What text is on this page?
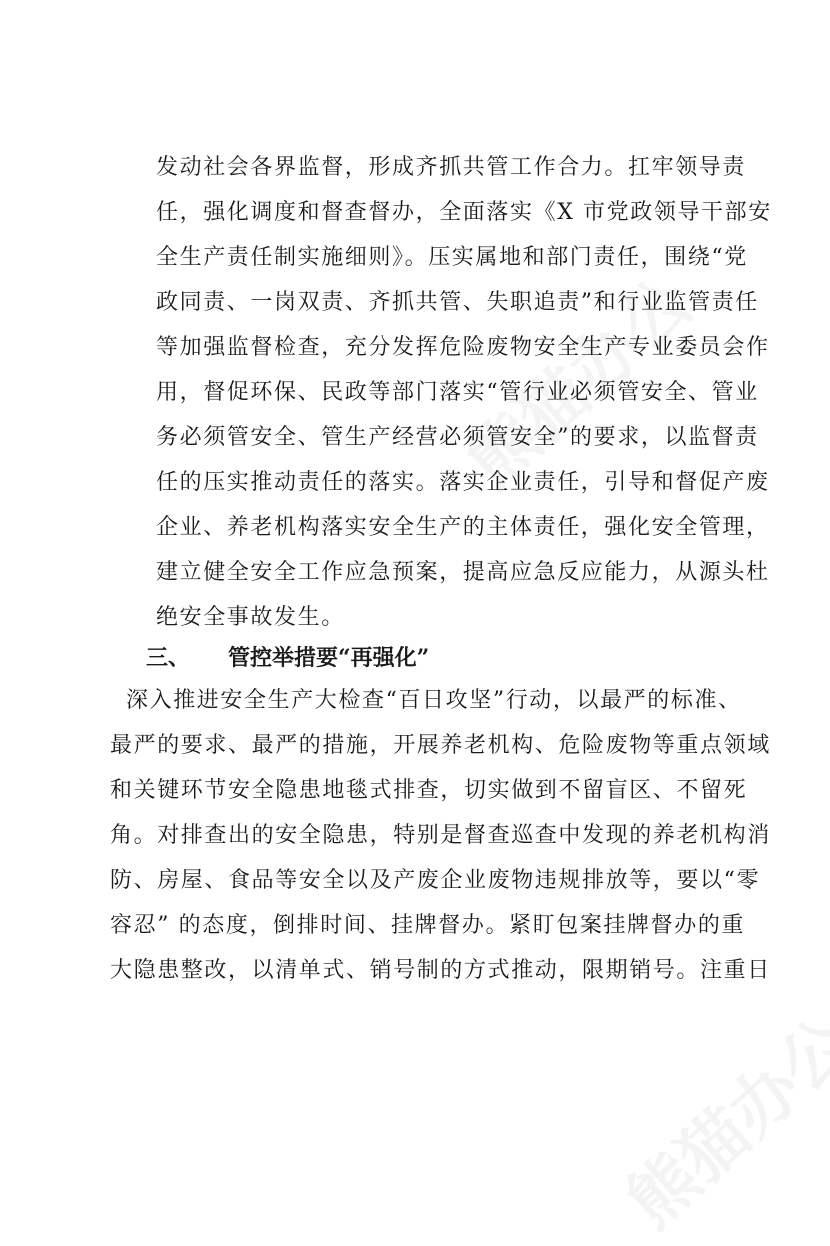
发动社会各界监督，形成齐抓共管工作合力。扛牢领导责
任，强化调度和督查督办，全面落实《X 市党政领导干部安
全生产责任制实施细则》。压实属地和部门责任，围绕“党
政同责、一岗双责、齐抓共管、失职追责”和行业监管责任
等加强监督检查，充分发挥危险废物安全生产专业委员会作
用，督促环保、民政等部门落实“管行业必须管安全、管业
务必须管安全、管生产经营必须管安全”的要求，以监督责
任的压实推动责任的落实。落实企业责任，引导和督促产废
企业、养老机构落实安全生产的主体责任，强化安全管理，
建立健全安全工作应急预案，提高应急反应能力，从源头杜
绝安全事故发生。
三、 管控举措要“再强化”
深入推进安全生产大检查“百日攻坚”行动，以最严的标准、
最严的要求、最严的措施，开展养老机构、危险废物等重点领域
和关键环节安全隐患地毯式排查，切实做到不留盲区、不留死
角。对排查出的安全隐患，特别是督查巡查中发现的养老机构消
防、房屋、食品等安全以及产废企业废物违规排放等，要以“零
容忍” 的态度，倒排时间、挂牌督办。紧盯包案挂牌督办的重
大隐患整改，以清单式、销号制的方式推动，限期销号。注重日
